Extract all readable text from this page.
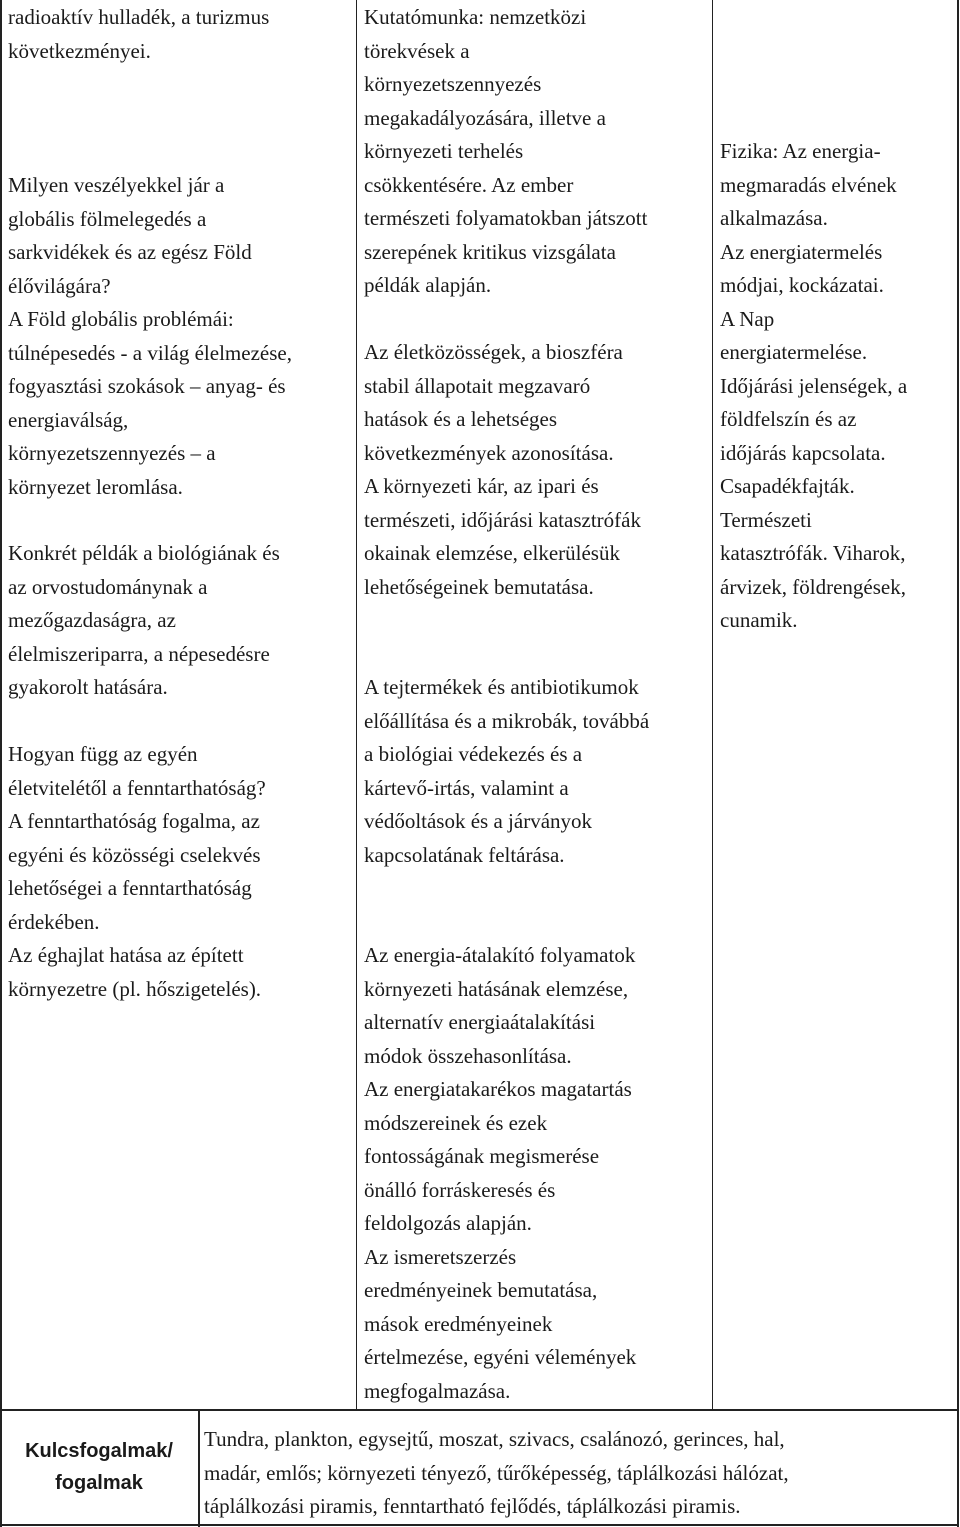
radioaktív hulladék, a turizmus

következményei.

Milyen veszélyekkel jár a

globális fölmelegedés a

sarkvidékek és az egész Föld

élővilágára?

A Föld globális problémái:

túlnépesedés - a világ élelmezése,

fogyasztási szokások – anyag- és

energiaválság,

környezetszennyezés – a

környezet leromlása.

Konkrét példák a biológiának és

az orvostudománynak a

mezőgazdaságra, az

élelmiszeriparra, a népesedésre

gyakorolt hatására.

Hogyan függ az egyén

életvitelétől a fenntarthatóság?

A fenntarthatóság fogalma, az

egyéni és közösségi cselekvés

lehetőségei a fenntarthatóság

érdekében.

Az éghajlat hatása az épített

környezetre (pl. hőszigetelés).

Kutatómunka: nemzetközi

törekvések a

környezetszennyezés

megakadályozására, illetve a

környezeti terhelés

csökkentésére. Az ember

természeti folyamatokban játszott

szerepének kritikus vizsgálata

példák alapján.

Az életközösségek, a bioszféra

stabil állapotait megzavaró

hatások és a lehetséges

következmények azonosítása.

A környezeti kár, az ipari és

természeti, időjárási katasztrófák

okainak elemzése, elkerülésük

lehetőségeinek bemutatása.

A tejtermékek és antibiotikumok

előállítása és a mikrobák, továbbá

a biológiai védekezés és a

kártevő-irtás, valamint a

védőoltások és a járványok

kapcsolatának feltárása.

Az energia-átalakító folyamatok

környezeti hatásának elemzése,

alternatív energiaátalakítási

módok összehasonlítása.

Az energiatakarékos magatartás

módszereinek és ezek

fontosságának megismerése

önálló forráskeresés és

feldolgozás alapján.

Az ismeretszerzés

eredményeinek bemutatása,

mások eredményeinek

értelmezése, egyéni vélemények

megfogalmazása.

Fizika: Az energia-

megmaradás elvének

alkalmazása.

Az energiatermelés

módjai, kockázatai.

A Nap

energiatermelése.

Időjárási jelenségek, a

földfelszín és az

időjárás kapcsolata.

Csapadékfajták.

Természeti

katasztrófák. Viharok,

árvizek, földrengések,

cunamik.

Kulcsfogalmak/
fogalmak

Tundra, plankton, egysejtű, moszat, szivacs, csalánozó, gerinces, hal,

madár, emlős; környezeti tényező, tűrőképesség, táplálkozási hálózat,

táplálkozási piramis, fenntartható fejlődés, táplálkozási piramis.
